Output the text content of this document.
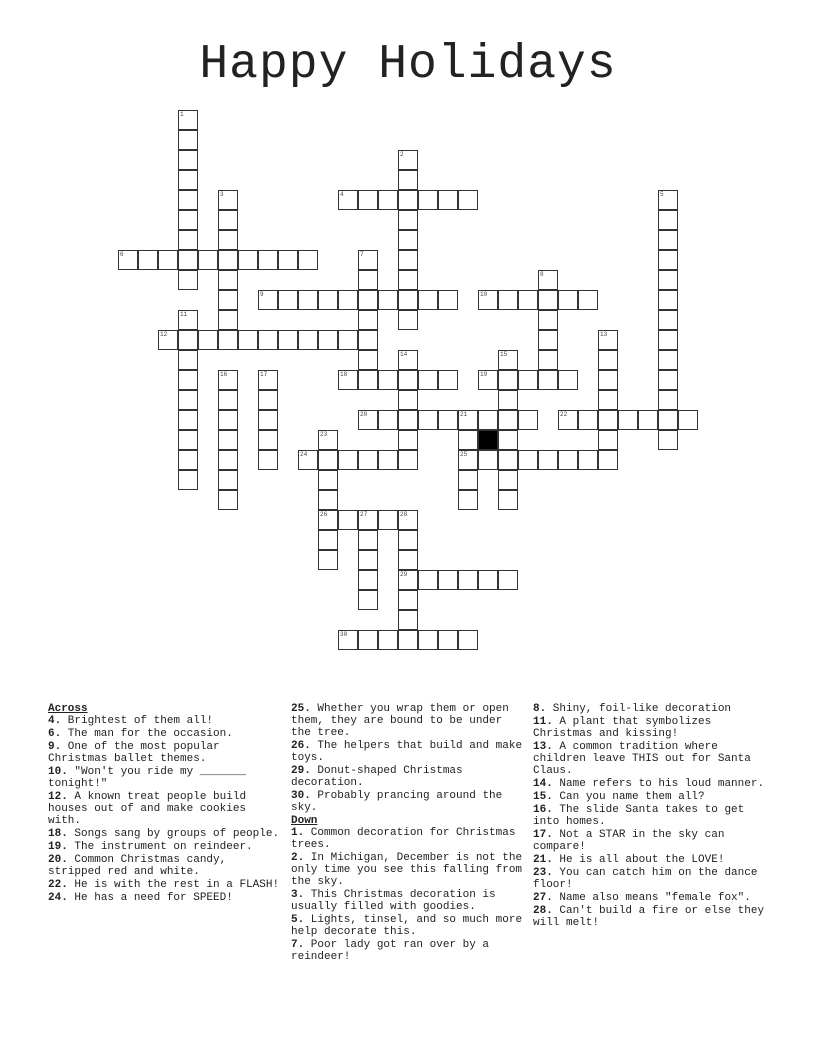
Happy Holidays
1
2
3	4	5
6	7
8
9	10
11
12	13
14	15
16	17	18	19
20	21
25
22
23
26
24
27	28
29
30
Across
4. Brightest of them all!
6. The man for the occasion.
9. One of the most popular Christmas ballet themes.
10. "Won't you ride my _______ tonight!"
12. A known treat people build houses out of and make cookies with.
18. Songs sang by groups of people.
19. The instrument on reindeer.
20. Common Christmas candy, stripped red and white.
22. He is with the rest in a FLASH!
24. He has a need for SPEED!
25. Whether you wrap them or open them, they are bound to be under the tree.
26. The helpers that build and make toys.
29. Donut-shaped Christmas decoration.
30. Probably prancing around the sky.
Down
1. Common decoration for Christmas trees.
2. In Michigan, December is not the only time you see this falling from the sky.
3. This Christmas decoration is usually filled with goodies.
5. Lights, tinsel, and so much more help decorate this.
7. Poor lady got ran over by a reindeer!
8. Shiny, foil-like decoration
11. A plant that symbolizes Christmas and kissing!
13. A common tradition where children leave THIS out for Santa Claus.
14. Name refers to his loud manner.
15. Can you name them all?
16. The slide Santa takes to get into homes.
17. Not a STAR in the sky can compare!
21. He is all about the LOVE!
23. You can catch him on the dance floor!
27. Name also means "female fox".
28. Can't build a fire or else they will melt!
